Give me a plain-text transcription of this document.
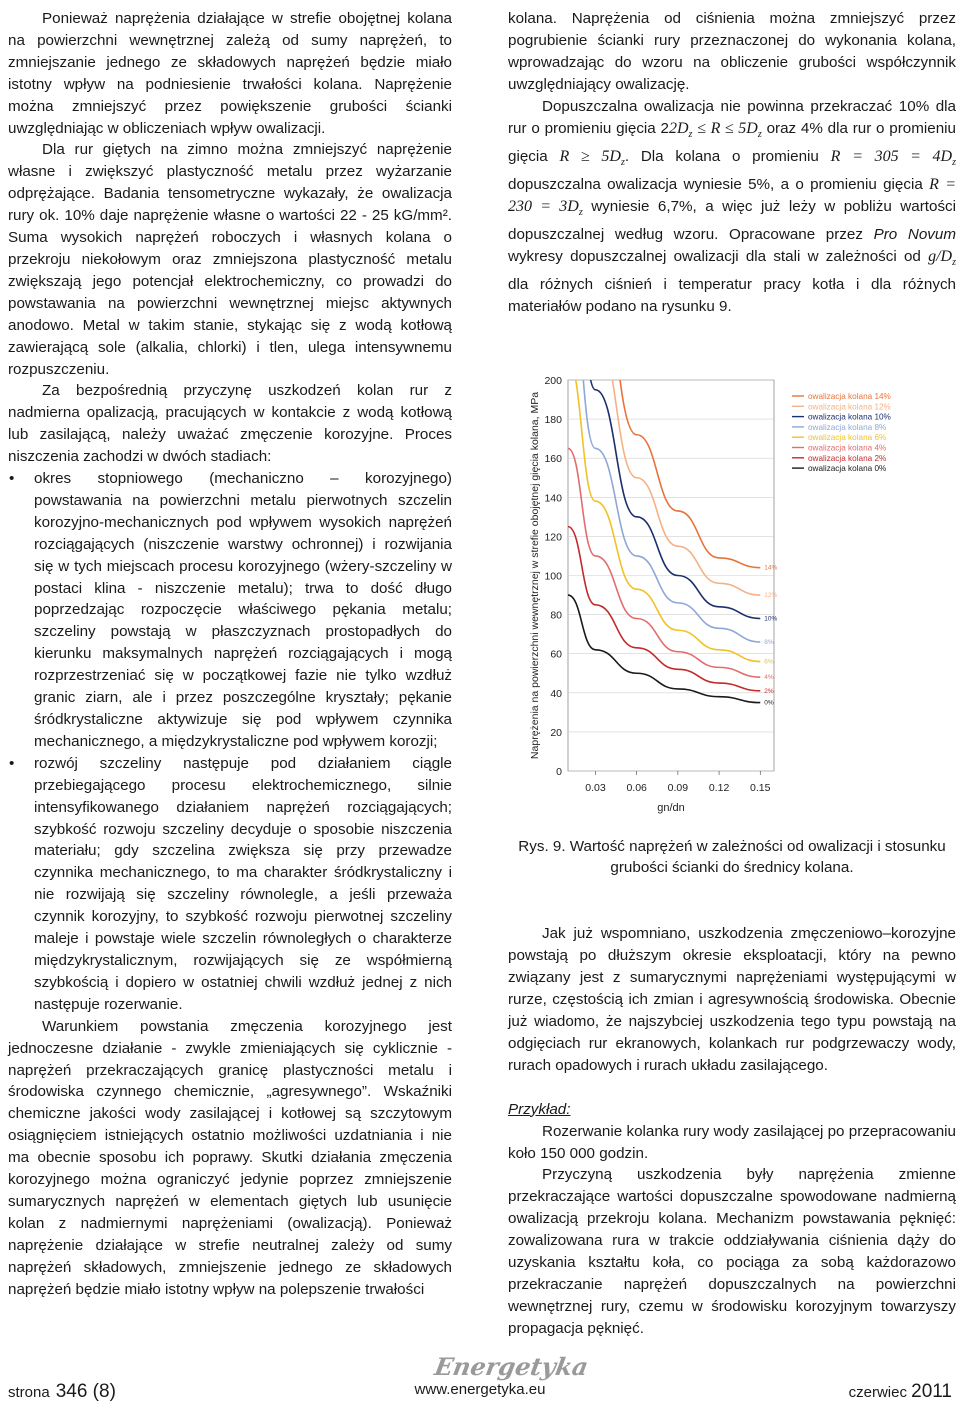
Ponieważ naprężenia działające w strefie obojętnej kolana na powierzchni wewnętrznej zależą od sumy naprężeń, to zmniejszanie jednego ze składowych naprężeń będzie miało istotny wpływ na podniesienie trwałości kolana. Naprężenie można zmniejszyć przez powiększenie grubości ścianki uwzględniając w obliczeniach wpływ owalizacji.

Dla rur giętych na zimno można zmniejszyć naprężenie własne i zwiększyć plastyczność metalu przez wyżarzanie odprężające. Badania tensometryczne wykazały, że owalizacja rury ok. 10% daje naprężenie własne o wartości 22 - 25 kG/mm². Suma wysokich naprężeń roboczych i własnych kolana o przekroju niekołowym oraz zmniejszona plastyczność metalu zwiększają jego potencjał elektrochemiczny, co prowadzi do powstawania na powierzchni wewnętrznej miejsc aktywnych anodowo. Metal w takim stanie, stykając się z wodą kotłową zawierającą sole (alkalia, chlorki) i tlen, ulega intensywnemu rozpuszczeniu.

Za bezpośrednią przyczynę uszkodzeń kolan rur z nadmierna opalizacją, pracujących w kontakcie z wodą kotłową lub zasilającą, należy uważać zmęczenie korozyjne. Proces niszczenia zachodzi w dwóch stadiach:

• okres stopniowego (mechaniczno – korozyjnego) powstawania na powierzchni metalu pierwotnych szczelin korozyjno-mechanicznych pod wpływem wysokich naprężeń rozciągających (niszczenie warstwy ochronnej) i rozwijania się w tych miejscach procesu korozyjnego (wżery-szczeliny w postaci klina - niszczenie metalu); trwa to dość długo poprzedzając rozpoczęcie właściwego pękania metalu; szczeliny powstają w płaszczyznach prostopadłych do kierunku maksymalnych naprężeń rozciągających i mogą rozprzestrzeniać się w początkowej fazie nie tylko wzdłuż granic ziarn, ale i przez poszczególne kryształy; pękanie śródkrystaliczne aktywizuje się pod wpływem czynnika mechanicznego, a międzykrystaliczne pod wpływem korozji;
• rozwój szczeliny następuje pod działaniem ciągle przebiegającego procesu elektrochemicznego, silnie intensyfikowanego działaniem naprężeń rozciągających; szybkość rozwoju szczeliny decyduje o sposobie niszczenia materiału; gdy szczelina zwiększa się przy przewadze czynnika mechanicznego, to ma charakter śródkrystaliczny i nie rozwijają się szczeliny równolegle, a jeśli przeważa czynnik korozyjny, to szybkość rozwoju pierwotnej szczeliny maleje i powstaje wiele szczelin równoległych o charakterze międzykrystalicznym, rozwijających się ze współmierną szybkością i dopiero w ostatniej chwili wzdłuż jednej z nich następuje rozerwanie.

Warunkiem powstania zmęczenia korozyjnego jest jednoczesne działanie - zwykle zmieniających się cyklicznie - naprężeń przekraczających granicę plastyczności metalu i środowiska czynnego chemicznie, „agresywnego”. Wskaźniki chemiczne jakości wody zasilającej i kotłowej są szczytowym osiągnięciem istniejących ostatnio możliwości uzdatniania i nie ma obecnie sposobu ich poprawy. Skutki działania zmęczenia korozyjnego można ograniczyć jedynie poprzez zmniejszenie sumarycznych naprężeń w elementach giętych lub usunięcie kolan z nadmiernymi naprężeniami (owalizacją). Ponieważ naprężenie działające w strefie neutralnej zależy od sumy naprężeń składowych, zmniejszenie jednego ze składowych naprężeń będzie miało istotny wpływ na polepszenie trwałości

kolana. Naprężenia od ciśnienia można zmniejszyć przez pogrubienie ścianki rury przeznaczonej do wykonania kolana, wprowadzając do wzoru na obliczenie grubości współczynnik uwzględniający owalizację.

Dopuszczalna owalizacja nie powinna przekraczać 10% dla rur o promieniu gięcia $22D_z \le R \le 5D_z$ oraz 4% dla rur o promieniu gięcia $R \ge 5D_z$. Dla kolana o promieniu $R = 305 = 4D_z$ dopuszczalna owalizacja wyniesie 5%, a o promieniu gięcia $R = 230 = 3D_z$ wyniesie 6,7%, a więc już leży w pobliżu wartości dopuszczalnej według wzoru. Opracowane przez Pro Novum wykresy dopuszczalnej owalizacji dla stali w zależności od $g/D_z$ dla różnych ciśnień i temperatur pracy kotła i dla różnych materiałów podano na rysunku 9.

0
20
40
60
80
100
120
140
160
180
200
0.03 0.06 0.09 0.12 0.15
gn/dn
Naprężenia na powierzchni wewnętrznej w strefie obojętnej gięcia kolana, MPa	14%
owalizacja kolana 14%
12%
owalizacja kolana 12%
10%
owalizacja kolana 10%
8%
owalizacja kolana 8%
6%
owalizacja kolana 6%
4%
owalizacja kolana 4%
2%
owalizacja kolana 2%
0%
owalizacja kolana 0%

Rys. 9. Wartość naprężeń w zależności od owalizacji i stosunku grubości ścianki do średnicy kolana.

Jak już wspomniano, uszkodzenia zmęczeniowo–korozyjne powstają po dłuższym okresie eksploatacji, który na pewno związany jest z sumarycznymi naprężeniami występującymi w rurze, częstością ich zmian i agresywnością środowiska. Obecnie już wiadomo, że najszybciej uszkodzenia tego typu powstają na odgięciach rur ekranowych, kolankach rur podgrzewaczy wody, rurach opadowych i rurach układu zasilającego.

Przykład:

Rozerwanie kolanka rury wody zasilającej po przepracowaniu koło 150 000 godzin.

Przyczyną uszkodzenia były naprężenia zmienne przekraczające wartości dopuszczalne spowodowane nadmierną owalizacją przekroju kolana. Mechanizm powstawania pęknięć: zowalizowana rura w trakcie oddziaływania ciśnienia dąży do uzyskania kształtu koła, co pociąga za sobą każdorazowo przekraczanie naprężeń dopuszczalnych na powierzchni wewnętrznej rury, czemu w środowisku korozyjnym towarzyszy propagacja pęknięć.

Energetyka
strona 346 (8)	www.energetyka.eu	czerwiec 2011
